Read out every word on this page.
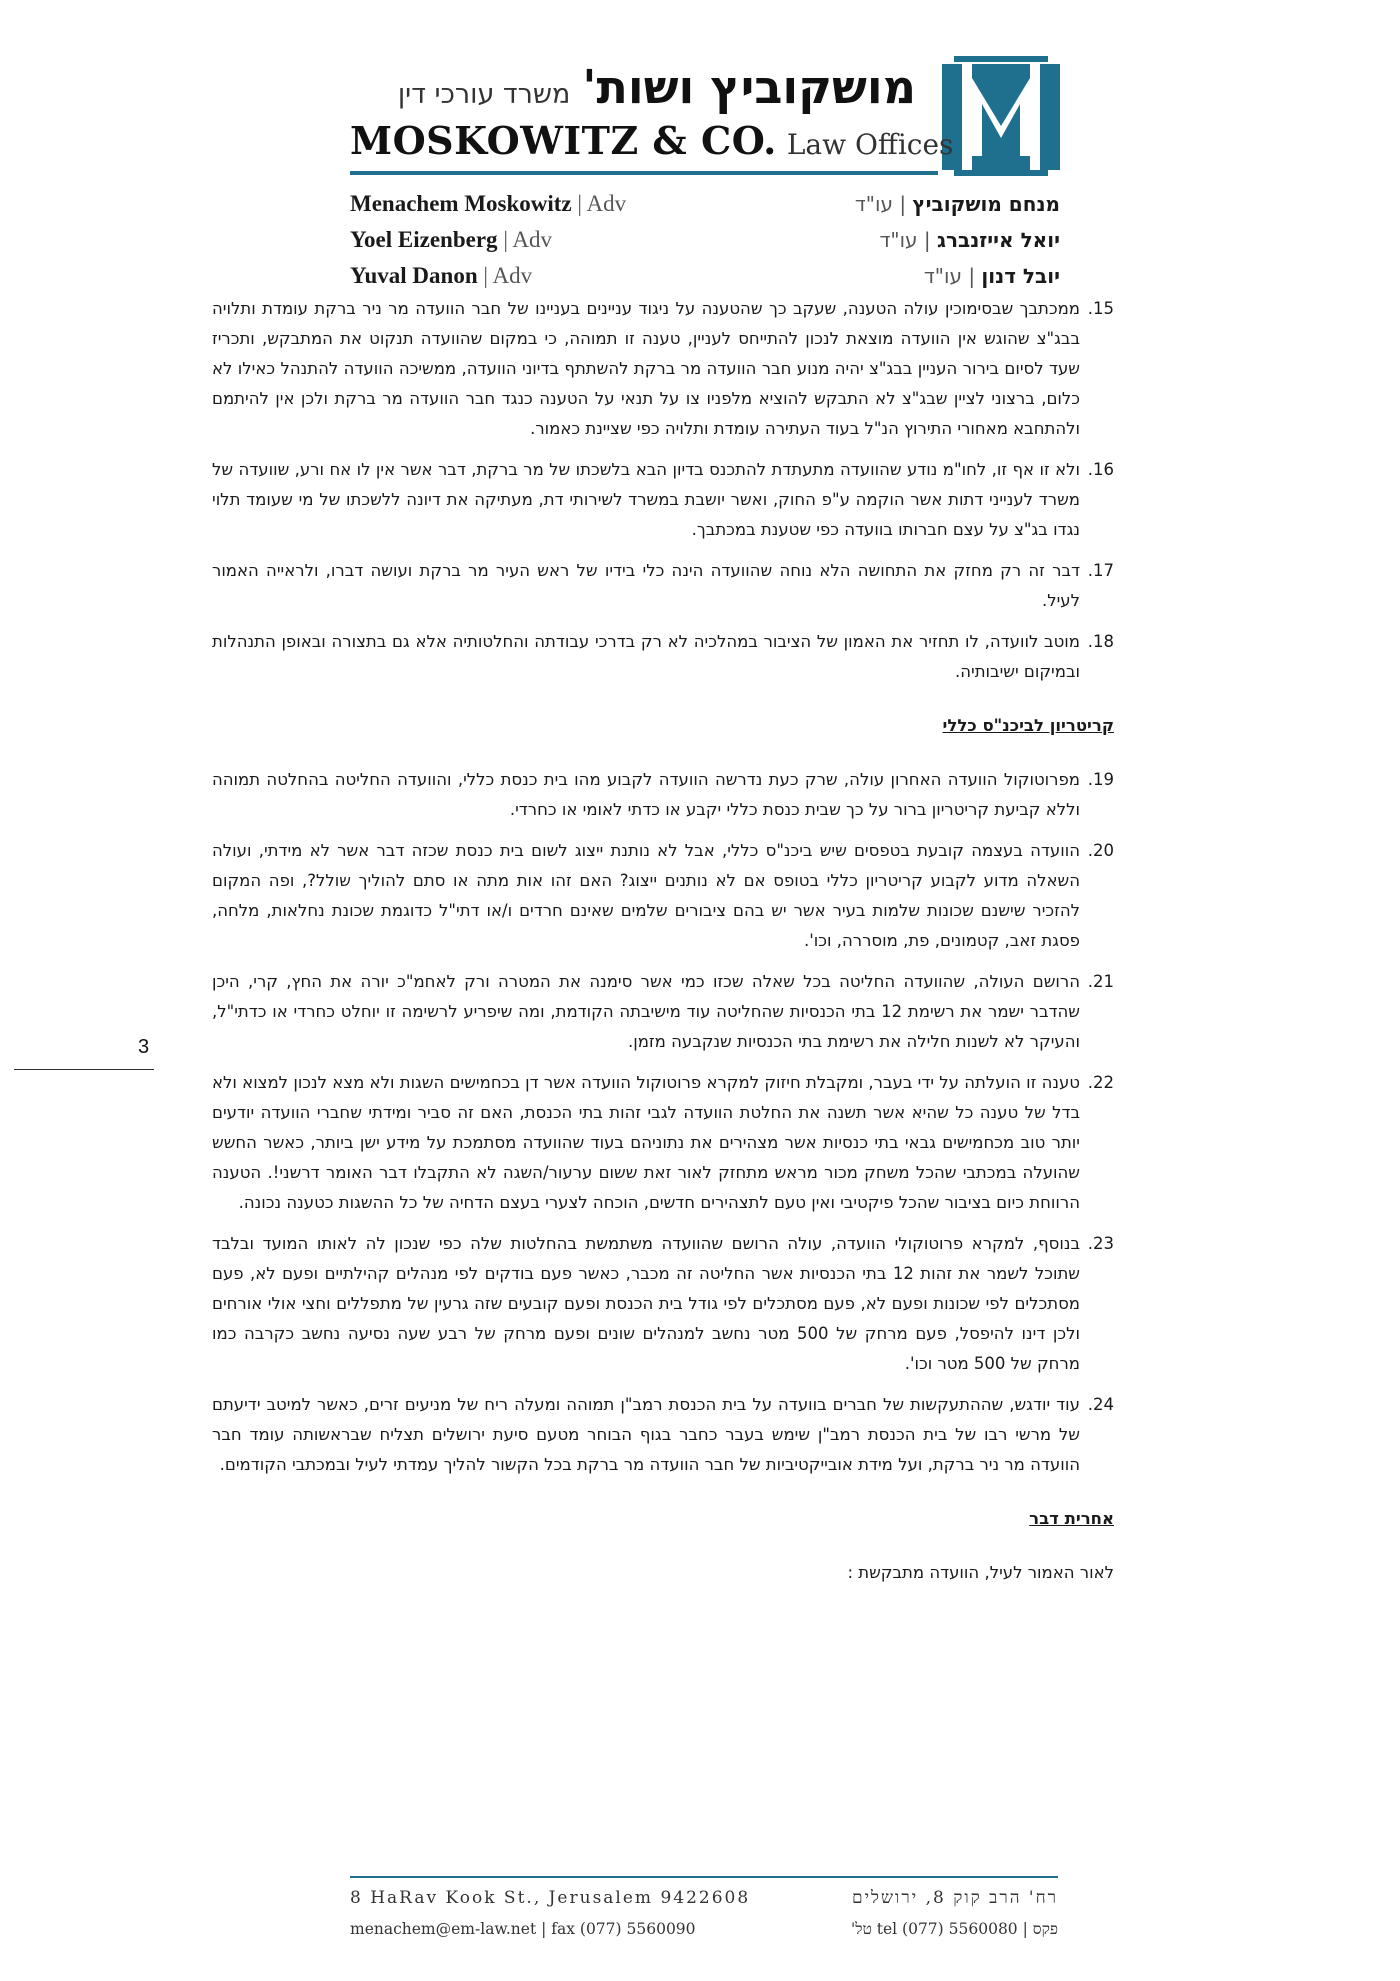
מושקוביץ ושות'משרד עורכי דין
MOSKOWITZ & CO. Law Offices
Menachem Moskowitz | Adv
Yoel Eizenberg | Adv
Yuval Danon | Adv
מנחם מושקוביץ | עו"ד
יואל אייזנברג | עו"ד
יובל דנון | עו"ד
15.
ממכתבך שבסימוכין עולה הטענה, שעקב כך שהטענה על ניגוד עניינים בעניינו של חבר הוועדה מר ניר ברקת עומדת ותלויה בבג"צ שהוגש אין הוועדה מוצאת לנכון להתייחס לעניין, טענה זו תמוהה, כי במקום שהוועדה תנקוט את המתבקש, ותכריז שעד לסיום בירור העניין בבג"צ יהיה מנוע חבר הוועדה מר ברקת להשתתף בדיוני הוועדה, ממשיכה הוועדה להתנהל כאילו לא כלום, ברצוני לציין שבג"צ לא התבקש להוציא מלפניו צו על תנאי על הטענה כנגד חבר הוועדה מר ברקת ולכן אין להיתמם ולהתחבא מאחורי התירוץ הנ"ל בעוד העתירה עומדת ותלויה כפי שציינת כאמור.
16.
ולא זו אף זו, לחו"מ נודע שהוועדה מתעתדת להתכנס בדיון הבא בלשכתו של מר ברקת, דבר אשר אין לו אח ורע, שוועדה של משרד לענייני דתות אשר הוקמה ע"פ החוק, ואשר יושבת במשרד לשירותי דת, מעתיקה את דיונה ללשכתו של מי שעומד תלוי נגדו בג"צ על עצם חברותו בוועדה כפי שטענת במכתבך.
17.
דבר זה רק מחזק את התחושה הלא נוחה שהוועדה הינה כלי בידיו של ראש העיר מר ברקת ועושה דברו, ולראייה האמור לעיל.
18.
מוטב לוועדה, לו תחזיר את האמון של הציבור במהלכיה לא רק בדרכי עבודתה והחלטותיה אלא גם בתצורה ובאופן התנהלות ובמיקום ישיבותיה.
קריטריון לביכנ"ס כללי
19.
מפרוטוקול הוועדה האחרון עולה, שרק כעת נדרשה הוועדה לקבוע מהו בית כנסת כללי, והוועדה החליטה בהחלטה תמוהה וללא קביעת קריטריון ברור על כך שבית כנסת כללי יקבע או כדתי לאומי או כחרדי.
20.
הוועדה בעצמה קובעת בטפסים שיש ביכנ"ס כללי, אבל לא נותנת ייצוג לשום בית כנסת שכזה דבר אשר לא מידתי, ועולה השאלה מדוע לקבוע קריטריון כללי בטופס אם לא נותנים ייצוג? האם זהו אות מתה או סתם להוליך שולל?, ופה המקום להזכיר שישנם שכונות שלמות בעיר אשר יש בהם ציבורים שלמים שאינם חרדים ו/או דתי"ל כדוגמת שכונת נחלאות, מלחה, פסגת זאב, קטמונים, פת, מוסררה, וכו'.
21.
הרושם העולה, שהוועדה החליטה בכל שאלה שכזו כמי אשר סימנה את המטרה ורק לאחמ"כ יורה את החץ, קרי, היכן שהדבר ישמר את רשימת 12 בתי הכנסיות שהחליטה עוד מישיבתה הקודמת, ומה שיפריע לרשימה זו יוחלט כחרדי או כדתי"ל, והעיקר לא לשנות חלילה את רשימת בתי הכנסיות שנקבעה מזמן.
22.
טענה זו הועלתה על ידי בעבר, ומקבלת חיזוק למקרא פרוטוקול הוועדה אשר דן בכחמישים השגות ולא מצא לנכון למצוא ולא בדל של טענה כל שהיא אשר תשנה את החלטת הוועדה לגבי זהות בתי הכנסת, האם זה סביר ומידתי שחברי הוועדה יודעים יותר טוב מכחמישים גבאי בתי כנסיות אשר מצהירים את נתוניהם בעוד שהוועדה מסתמכת על מידע ישן ביותר, כאשר החשש שהועלה במכתבי שהכל משחק מכור מראש מתחזק לאור זאת ששום ערעור/השגה לא התקבלו דבר האומר דרשני!. הטענה הרווחת כיום בציבור שהכל פיקטיבי ואין טעם לתצהירים חדשים, הוכחה לצערי בעצם הדחיה של כל ההשגות כטענה נכונה.
23.
בנוסף, למקרא פרוטוקולי הוועדה, עולה הרושם שהוועדה משתמשת בהחלטות שלה כפי שנכון לה לאותו המועד ובלבד שתוכל לשמר את זהות 12 בתי הכנסיות אשר החליטה זה מכבר, כאשר פעם בודקים לפי מנהלים קהילתיים ופעם לא, פעם מסתכלים לפי שכונות ופעם לא, פעם מסתכלים לפי גודל בית הכנסת ופעם קובעים שזה גרעין של מתפללים וחצי אולי אורחים ולכן דינו להיפסל, פעם מרחק של 500 מטר נחשב למנהלים שונים ופעם מרחק של רבע שעה נסיעה נחשב כקרבה כמו מרחק של 500 מטר וכו'.
24.
עוד יודגש, שההתעקשות של חברים בוועדה על בית הכנסת רמב"ן תמוהה ומעלה ריח של מניעים זרים, כאשר למיטב ידיעתם של מרשי רבו של בית הכנסת רמב"ן שימש בעבר כחבר בגוף הבוחר מטעם סיעת ירושלים תצליח שבראשותה עומד חבר הוועדה מר ניר ברקת, ועל מידת אובייקטיביות של חבר הוועדה מר ברקת בכל הקשור להליך עמדתי לעיל ובמכתבי הקודמים.
אחרית דבר
לאור האמור לעיל, הוועדה מתבקשת :
3
8 HaRav Kook St., Jerusalem 9422608	רח' הרב קוק 8, ירושלים
menachem@em-law.net | fax (077) 5560090	פקס | tel (077) 5560080 טל'
